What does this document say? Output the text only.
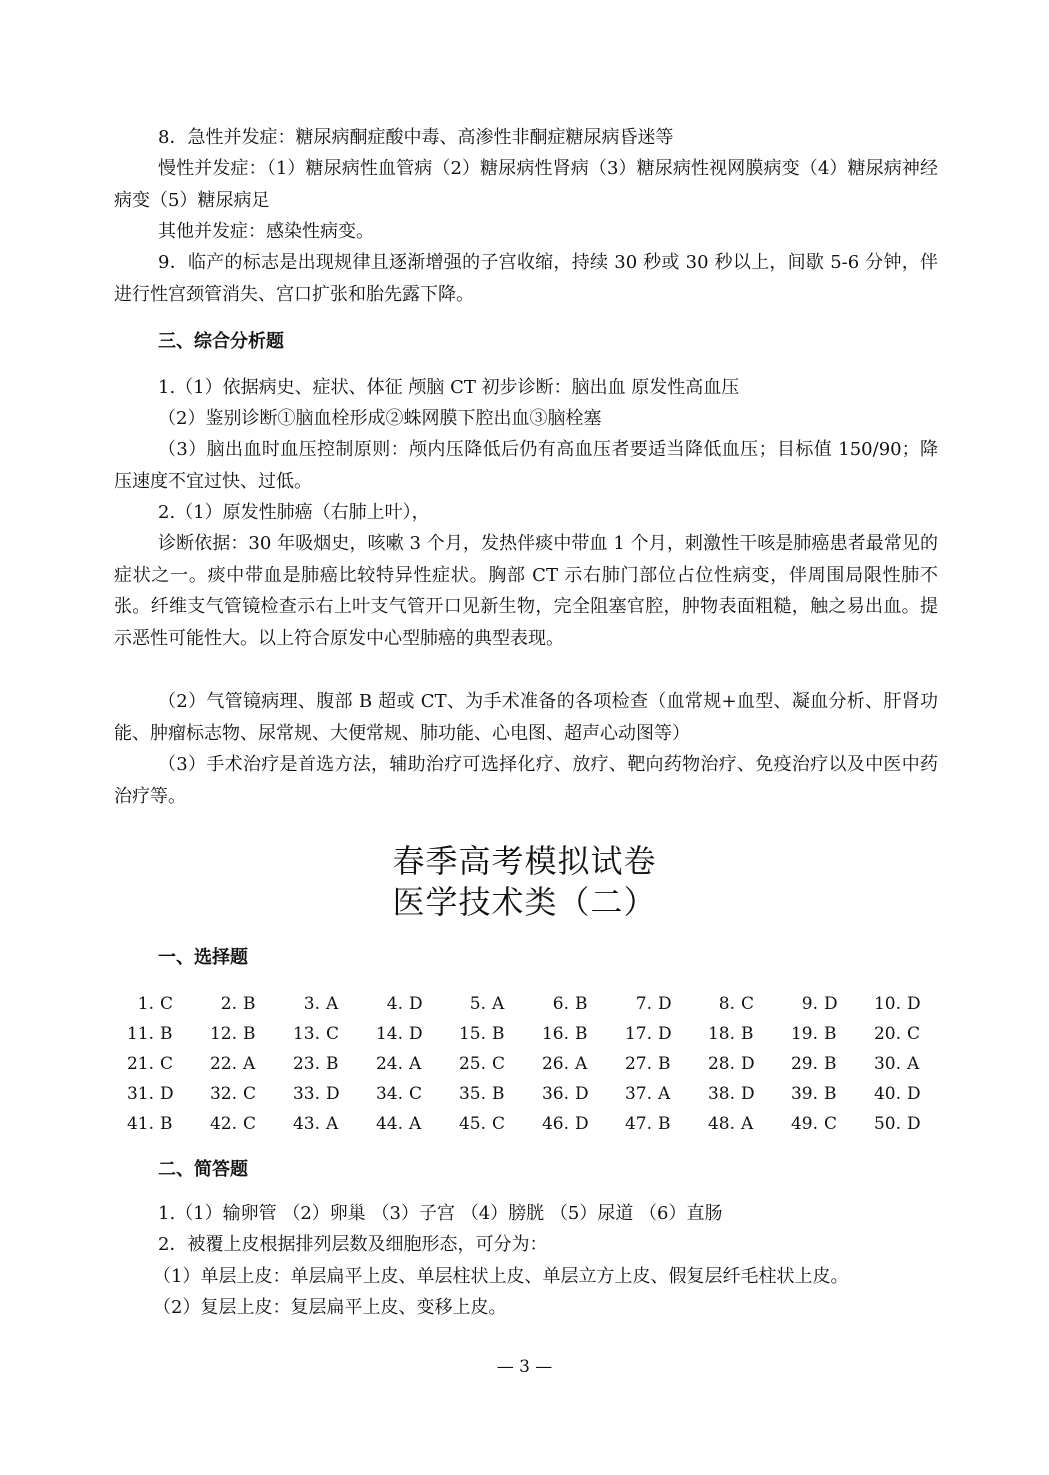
8．急性并发症：糖尿病酮症酸中毒、高渗性非酮症糖尿病昏迷等

慢性并发症：（1）糖尿病性血管病（2）糖尿病性肾病（3）糖尿病性视网膜病变（4）糖尿病神经病变（5）糖尿病足

其他并发症：感染性病变。

9．临产的标志是出现规律且逐渐增强的子宫收缩，持续 30 秒或 30 秒以上，间歇 5-6 分钟，伴进行性宫颈管消失、宫口扩张和胎先露下降。

三、综合分析题

1.（1）依据病史、症状、体征 颅脑 CT 初步诊断：脑出血 原发性高血压

（2）鉴别诊断①脑血栓形成②蛛网膜下腔出血③脑栓塞

（3）脑出血时血压控制原则：颅内压降低后仍有高血压者要适当降低血压；目标值 150/90；降压速度不宜过快、过低。

2.（1）原发性肺癌（右肺上叶），

诊断依据：30 年吸烟史，咳嗽 3 个月，发热伴痰中带血 1 个月，刺激性干咳是肺癌患者最常见的症状之一。痰中带血是肺癌比较特异性症状。胸部 CT 示右肺门部位占位性病变，伴周围局限性肺不张。纤维支气管镜检查示右上叶支气管开口见新生物，完全阻塞官腔，肿物表面粗糙，触之易出血。提示恶性可能性大。以上符合原发中心型肺癌的典型表现。

（2）气管镜病理、腹部 B 超或 CT、为手术准备的各项检查（血常规+血型、凝血分析、肝肾功能、肿瘤标志物、尿常规、大便常规、肺功能、心电图、超声心动图等）

（3）手术治疗是首选方法，辅助治疗可选择化疗、放疗、靶向药物治疗、免疫治疗以及中医中药治疗等。

春季高考模拟试卷
医学技术类（二）
一、选择题
1. C	2. B	3. A	4. D	5. A	6. B	7. D	8. C	9. D	10. D
11. B	12. B	13. C	14. D	15. B	16. B	17. D	18. B	19. B	20. C
21. C	22. A	23. B	24. A	25. C	26. A	27. B	28. D	29. B	30. A
31. D	32. C	33. D	34. C	35. B	36. D	37. A	38. D	39. B	40. D
41. B	42. C	43. A	44. A	45. C	46. D	47. B	48. A	49. C	50. D
二、简答题

1.（1）输卵管 （2）卵巢 （3）子宫 （4）膀胱 （5）尿道 （6）直肠

2．被覆上皮根据排列层数及细胞形态，可分为：

（1）单层上皮：单层扁平上皮、单层柱状上皮、单层立方上皮、假复层纤毛柱状上皮。

（2）复层上皮：复层扁平上皮、变移上皮。

— 3 —
